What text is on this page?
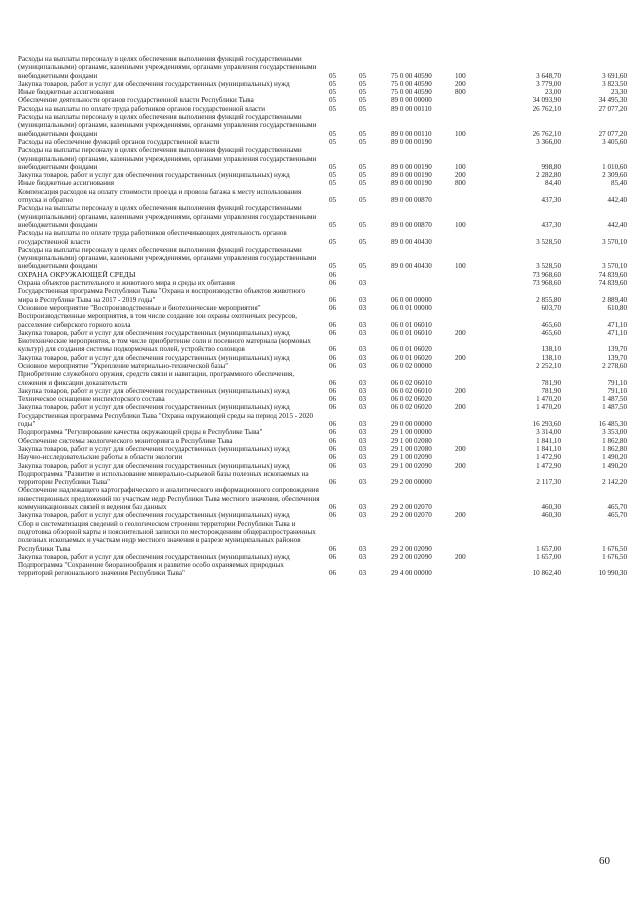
Расходы на выплаты персоналу в целях обеспечения выполнения функций государственными (муниципальными) органами, казенными учреждениями, органами управления государственными внебюджетными фондами	05	05	75 0 00 40590	100	3 648,70	3 691,60
Закупка товаров, работ и услуг для обеспечения государственных (муниципальных) нужд	05	05	75 0 00 40590	200	3 779,00	3 823,50
Иные бюджетные ассигнования	05	05	75 0 00 40590	800	23,00	23,30
Обеспечение деятельности органов государственной власти Республики Тыва	05	05	89 0 00 00000	34 093,90	34 495,30
Расходы на выплаты по оплате труда работников органов государственной власти	05	05	89 0 00 00110	26 762,10	27 077,20
Расходы на выплаты персоналу в целях обеспечения выполнения функций государственными (муниципальными) органами, казенными учреждениями, органами управления государственными внебюджетными фондами	05	05	89 0 00 00110	100	26 762,10	27 077,20
Расходы на обеспечение функций органов государственной власти	05	05	89 0 00 00190	3 366,00	3 405,60
Расходы на выплаты персоналу в целях обеспечения выполнения функций государственными (муниципальными) органами, казенными учреждениями, органами управления государственными внебюджетными фондами	05	05	89 0 00 00190	100	998,80	1 010,60
Закупка товаров, работ и услуг для обеспечения государственных (муниципальных) нужд	05	05	89 0 00 00190	200	2 282,80	2 309,60
Иные бюджетные ассигнования	05	05	89 0 00 00190	800	84,40	85,40
Компенсация расходов на оплату стоимости проезда и провоза багажа к месту использования отпуска и обратно	05	05	89 0 00 00870	437,30	442,40
Расходы на выплаты персоналу в целях обеспечения выполнения функций государственными (муниципальными) органами, казенными учреждениями, органами управления государственными внебюджетными фондами	05	05	89 0 00 00870	100	437,30	442,40
Расходы на выплаты по оплате труда работников обеспечивающих деятельность органов государственной власти	05	05	89 0 00 40430	3 528,50	3 570,10
Расходы на выплаты персоналу в целях обеспечения выполнения функций государственными (муниципальными) органами, казенными учреждениями, органами управления государственными внебюджетными фондами	05	05	89 0 00 40430	100	3 528,50	3 570,10
ОХРАНА ОКРУЖАЮЩЕЙ СРЕДЫ	06	73 968,60	74 839,60
Охрана объектов растительного и животного мира и среды их обитания	06	03	73 968,60	74 839,60
Государственная программа Республики Тыва "Охрана и воспроизводство объектов животного мира в Республике Тыва на 2017 - 2019 годы"	06	03	06 0 00 00000	2 855,80	2 889,40
Основное мероприятие "Воспроизводственные и биотехнические мероприятия"	06	03	06 0 01 00000	603,70	610,80
Воспроизводственные мероприятия, в том числе создание зон охраны охотничьих ресурсов, расселение сибирского горного козла	06	03	06 0 01 06010	465,60	471,10
Закупка товаров, работ и услуг для обеспечения государственных (муниципальных) нужд	06	03	06 0 01 06010	200	465,60	471,10
Биотехнические мероприятия, в том числе приобретение соли и посевного материала (кормовых культур) для создания системы подкормочных полей, устройство солонцов	06	03	06 0 01 06020	138,10	139,70
Закупка товаров, работ и услуг для обеспечения государственных (муниципальных) нужд	06	03	06 0 01 06020	200	138,10	139,70
Основное мероприятие "Укрепление материально-технической базы"	06	03	06 0 02 00000	2 252,10	2 278,60
Приобретение служебного оружия, средств связи и навигации, программного обеспечения, слежения и фиксации доказательств	06	03	06 0 02 06010	781,90	791,10
Закупка товаров, работ и услуг для обеспечения государственных (муниципальных) нужд	06	03	06 0 02 06010	200	781,90	791,10
Техническое оснащение инспекторского состава	06	03	06 0 02 06020	1 470,20	1 487,50
Закупка товаров, работ и услуг для обеспечения государственных (муниципальных) нужд	06	03	06 0 02 06020	200	1 470,20	1 487,50
Государственная программа Республики Тыва "Охрана окружающей среды на период 2015 - 2020 годы"	06	03	29 0 00 00000	16 293,60	16 485,30
Подпрограмма "Регулирование качества окружающей среды в Республике Тыва"	06	03	29 1 00 00000	3 314,00	3 353,00
Обеспечение системы экологического мониторинга в Республике Тыва	06	03	29 1 00 02080	1 841,10	1 862,80
Закупка товаров, работ и услуг для обеспечения государственных (муниципальных) нужд	06	03	29 1 00 02080	200	1 841,10	1 862,80
Научно-исследовательские работы в области экологии	06	03	29 1 00 02090	1 472,90	1 490,20
Закупка товаров, работ и услуг для обеспечения государственных (муниципальных) нужд	06	03	29 1 00 02090	200	1 472,90	1 490,20
Подпрограмма "Развитие и использование минерально-сырьевой базы полезных ископаемых на территории Республики Тыва"	06	03	29 2 00 00000	2 117,30	2 142,20
Обеспечение надлежащего картографического и аналитического информационного сопровождения инвестиционных предложений по участкам недр Республики Тыва местного значения, обеспечения коммуникационных связей и ведения баз данных	06	03	29 2 00 02070	460,30	465,70
Закупка товаров, работ и услуг для обеспечения государственных (муниципальных) нужд	06	03	29 2 00 02070	200	460,30	465,70
Сбор и систематизация сведений о геологическом строении территории Республики Тыва и подготовка обзорной карты и пояснительной записки по месторождениям общераспространенных полезных ископаемых и участкам недр местного значения в разрезе муниципальных районов Республики Тыва	06	03	29 2 00 02090	1 657,00	1 676,50
Закупка товаров, работ и услуг для обеспечения государственных (муниципальных) нужд	06	03	29 2 00 02090	200	1 657,00	1 676,50
Подпрограмма "Сохранение биоразнообразия и развитие особо охраняемых природных территорий регионального значения Республики Тыва"	06	03	29 4 00 00000	10 862,40	10 990,30
60
